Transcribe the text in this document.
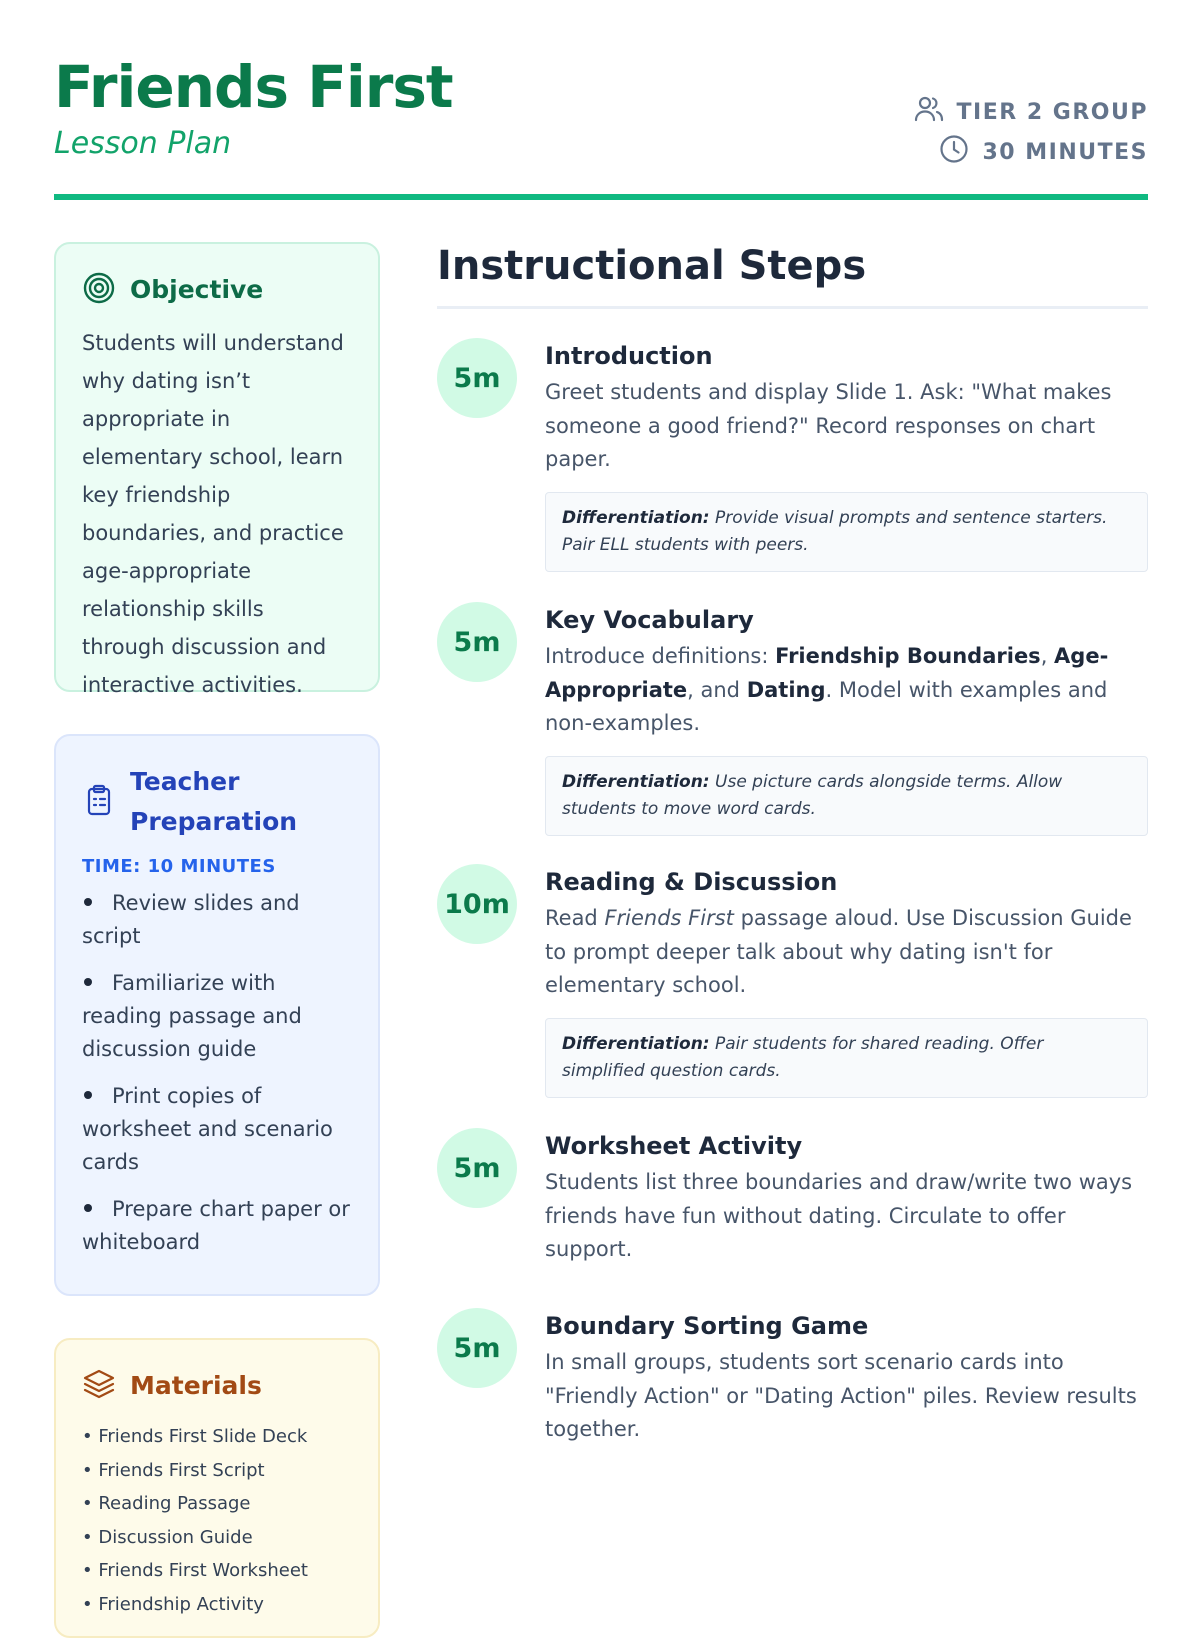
Friends First
Lesson Plan
TIER 2 GROUP
30 MINUTES
Objective

Students will understand why dating isn’t appropriate in elementary school, learn key friendship boundaries, and practice age-appropriate relationship skills through discussion and interactive activities.

Teacher Preparation
TIME: 10 MINUTES
Review slides and script
Familiarize with reading passage and discussion guide
Print copies of worksheet and scenario cards
Prepare chart paper or whiteboard
Materials
• Friends First Slide Deck
• Friends First Script
• Reading Passage
• Discussion Guide
• Friends First Worksheet
• Friendship Activity
Instructional Steps
5m
Introduction

Greet students and display Slide 1. Ask: "What makes someone a good friend?" Record responses on chart paper.

Differentiation: Provide visual prompts and sentence starters. Pair ELL students with peers.
5m
Key Vocabulary

Introduce definitions: Friendship Boundaries, Age-Appropriate, and Dating. Model with examples and non-examples.

Differentiation: Use picture cards alongside terms. Allow students to move word cards.
10m
Reading & Discussion

Read Friends First passage aloud. Use Discussion Guide to prompt deeper talk about why dating isn't for elementary school.

Differentiation: Pair students for shared reading. Offer simplified question cards.
5m
Worksheet Activity

Students list three boundaries and draw/write two ways friends have fun without dating. Circulate to offer support.

5m
Boundary Sorting Game

In small groups, students sort scenario cards into "Friendly Action" or "Dating Action" piles. Review results together.
